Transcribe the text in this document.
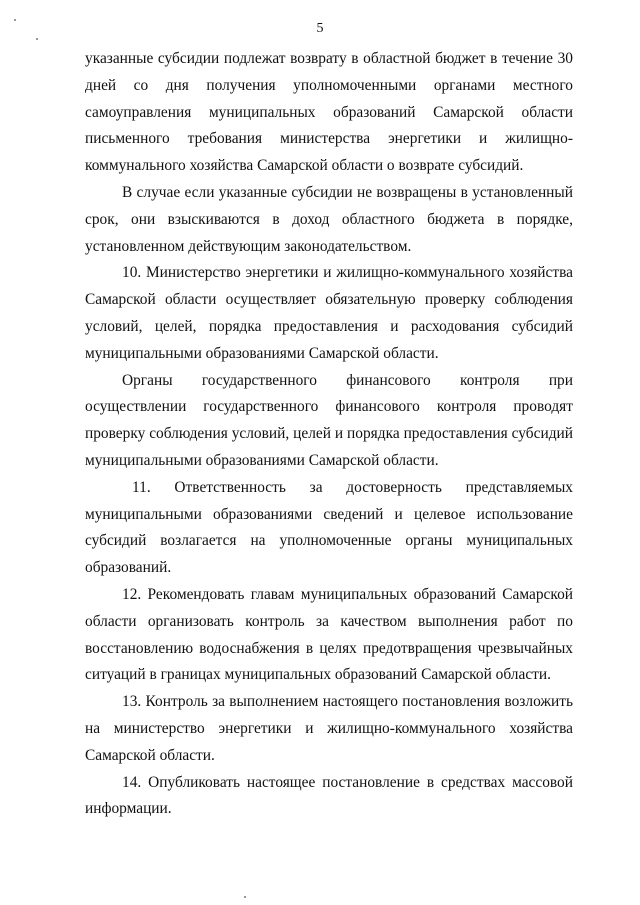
5

указанные субсидии подлежат возврату в областной бюджет в течение 30 дней со дня получения уполномоченными органами местного самоуправления муниципальных образований Самарской области письменного требования министерства энергетики и жилищно-коммунального хозяйства Самарской области о возврате субсидий.

В случае если указанные субсидии не возвращены в установленный срок, они взыскиваются в доход областного бюджета в порядке, установленном действующим законодательством.

10. Министерство энергетики и жилищно-коммунального хозяйства Самарской области осуществляет обязательную проверку соблюдения условий, целей, порядка предоставления и расходования субсидий муниципальными образованиями Самарской области.

Органы государственного финансового контроля при осуществлении государственного финансового контроля проводят проверку соблюдения условий, целей и порядка предоставления субсидий муниципальными образованиями Самарской области.

11. Ответственность за достоверность представляемых муниципальными образованиями сведений и целевое использование субсидий возлагается на уполномоченные органы муниципальных образований.

12. Рекомендовать главам муниципальных образований Самарской области организовать контроль за качеством выполнения работ по восстановлению водоснабжения в целях предотвращения чрезвычайных ситуаций в границах муниципальных образований Самарской области.

13. Контроль за выполнением настоящего постановления возложить на министерство энергетики и жилищно-коммунального хозяйства Самарской области.

14. Опубликовать настоящее постановление в средствах массовой информации.
